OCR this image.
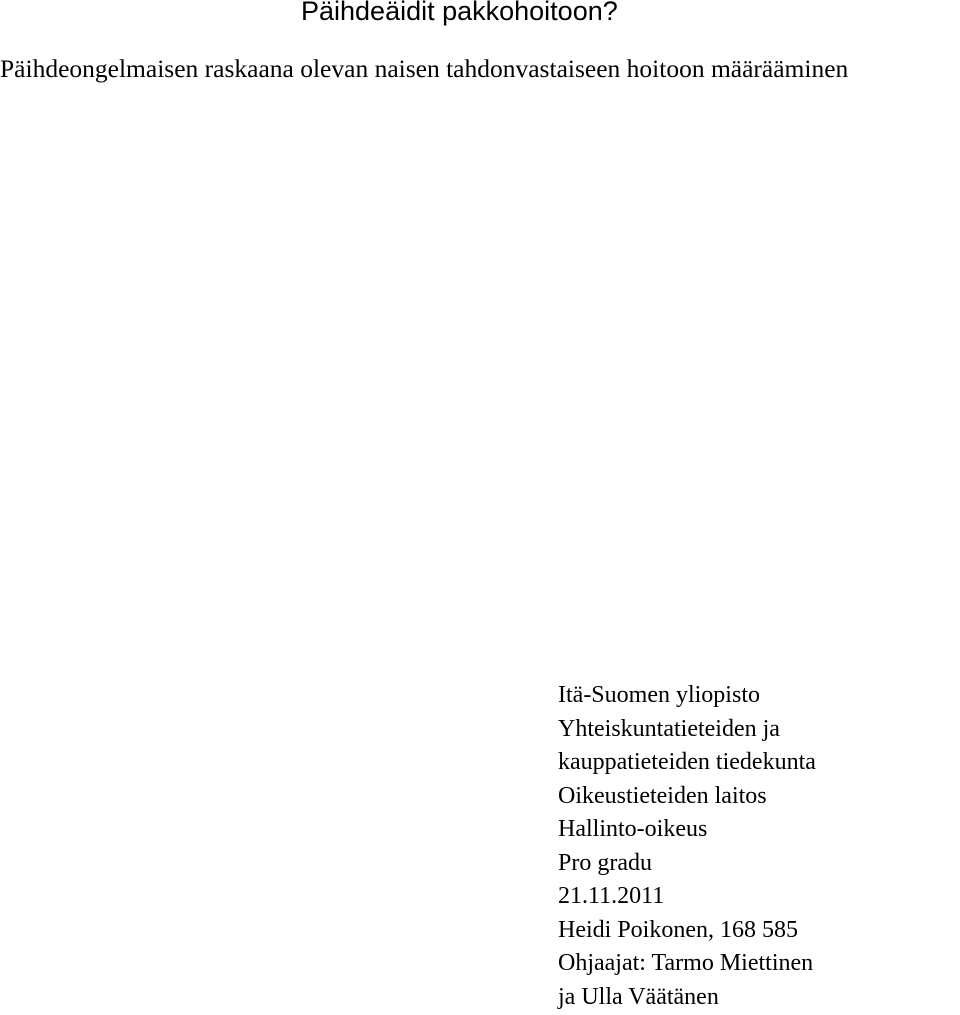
Päihdeäidit pakkohoitoon?
Päihdeongelmaisen raskaana olevan naisen tahdonvastaiseen hoitoon määrääminen
Itä-Suomen yliopisto
Yhteiskuntatieteiden ja
kauppatieteiden tiedekunta
Oikeustieteiden laitos
Hallinto-oikeus
Pro gradu
21.11.2011
Heidi Poikonen, 168 585
Ohjaajat: Tarmo Miettinen
ja Ulla Väätänen
